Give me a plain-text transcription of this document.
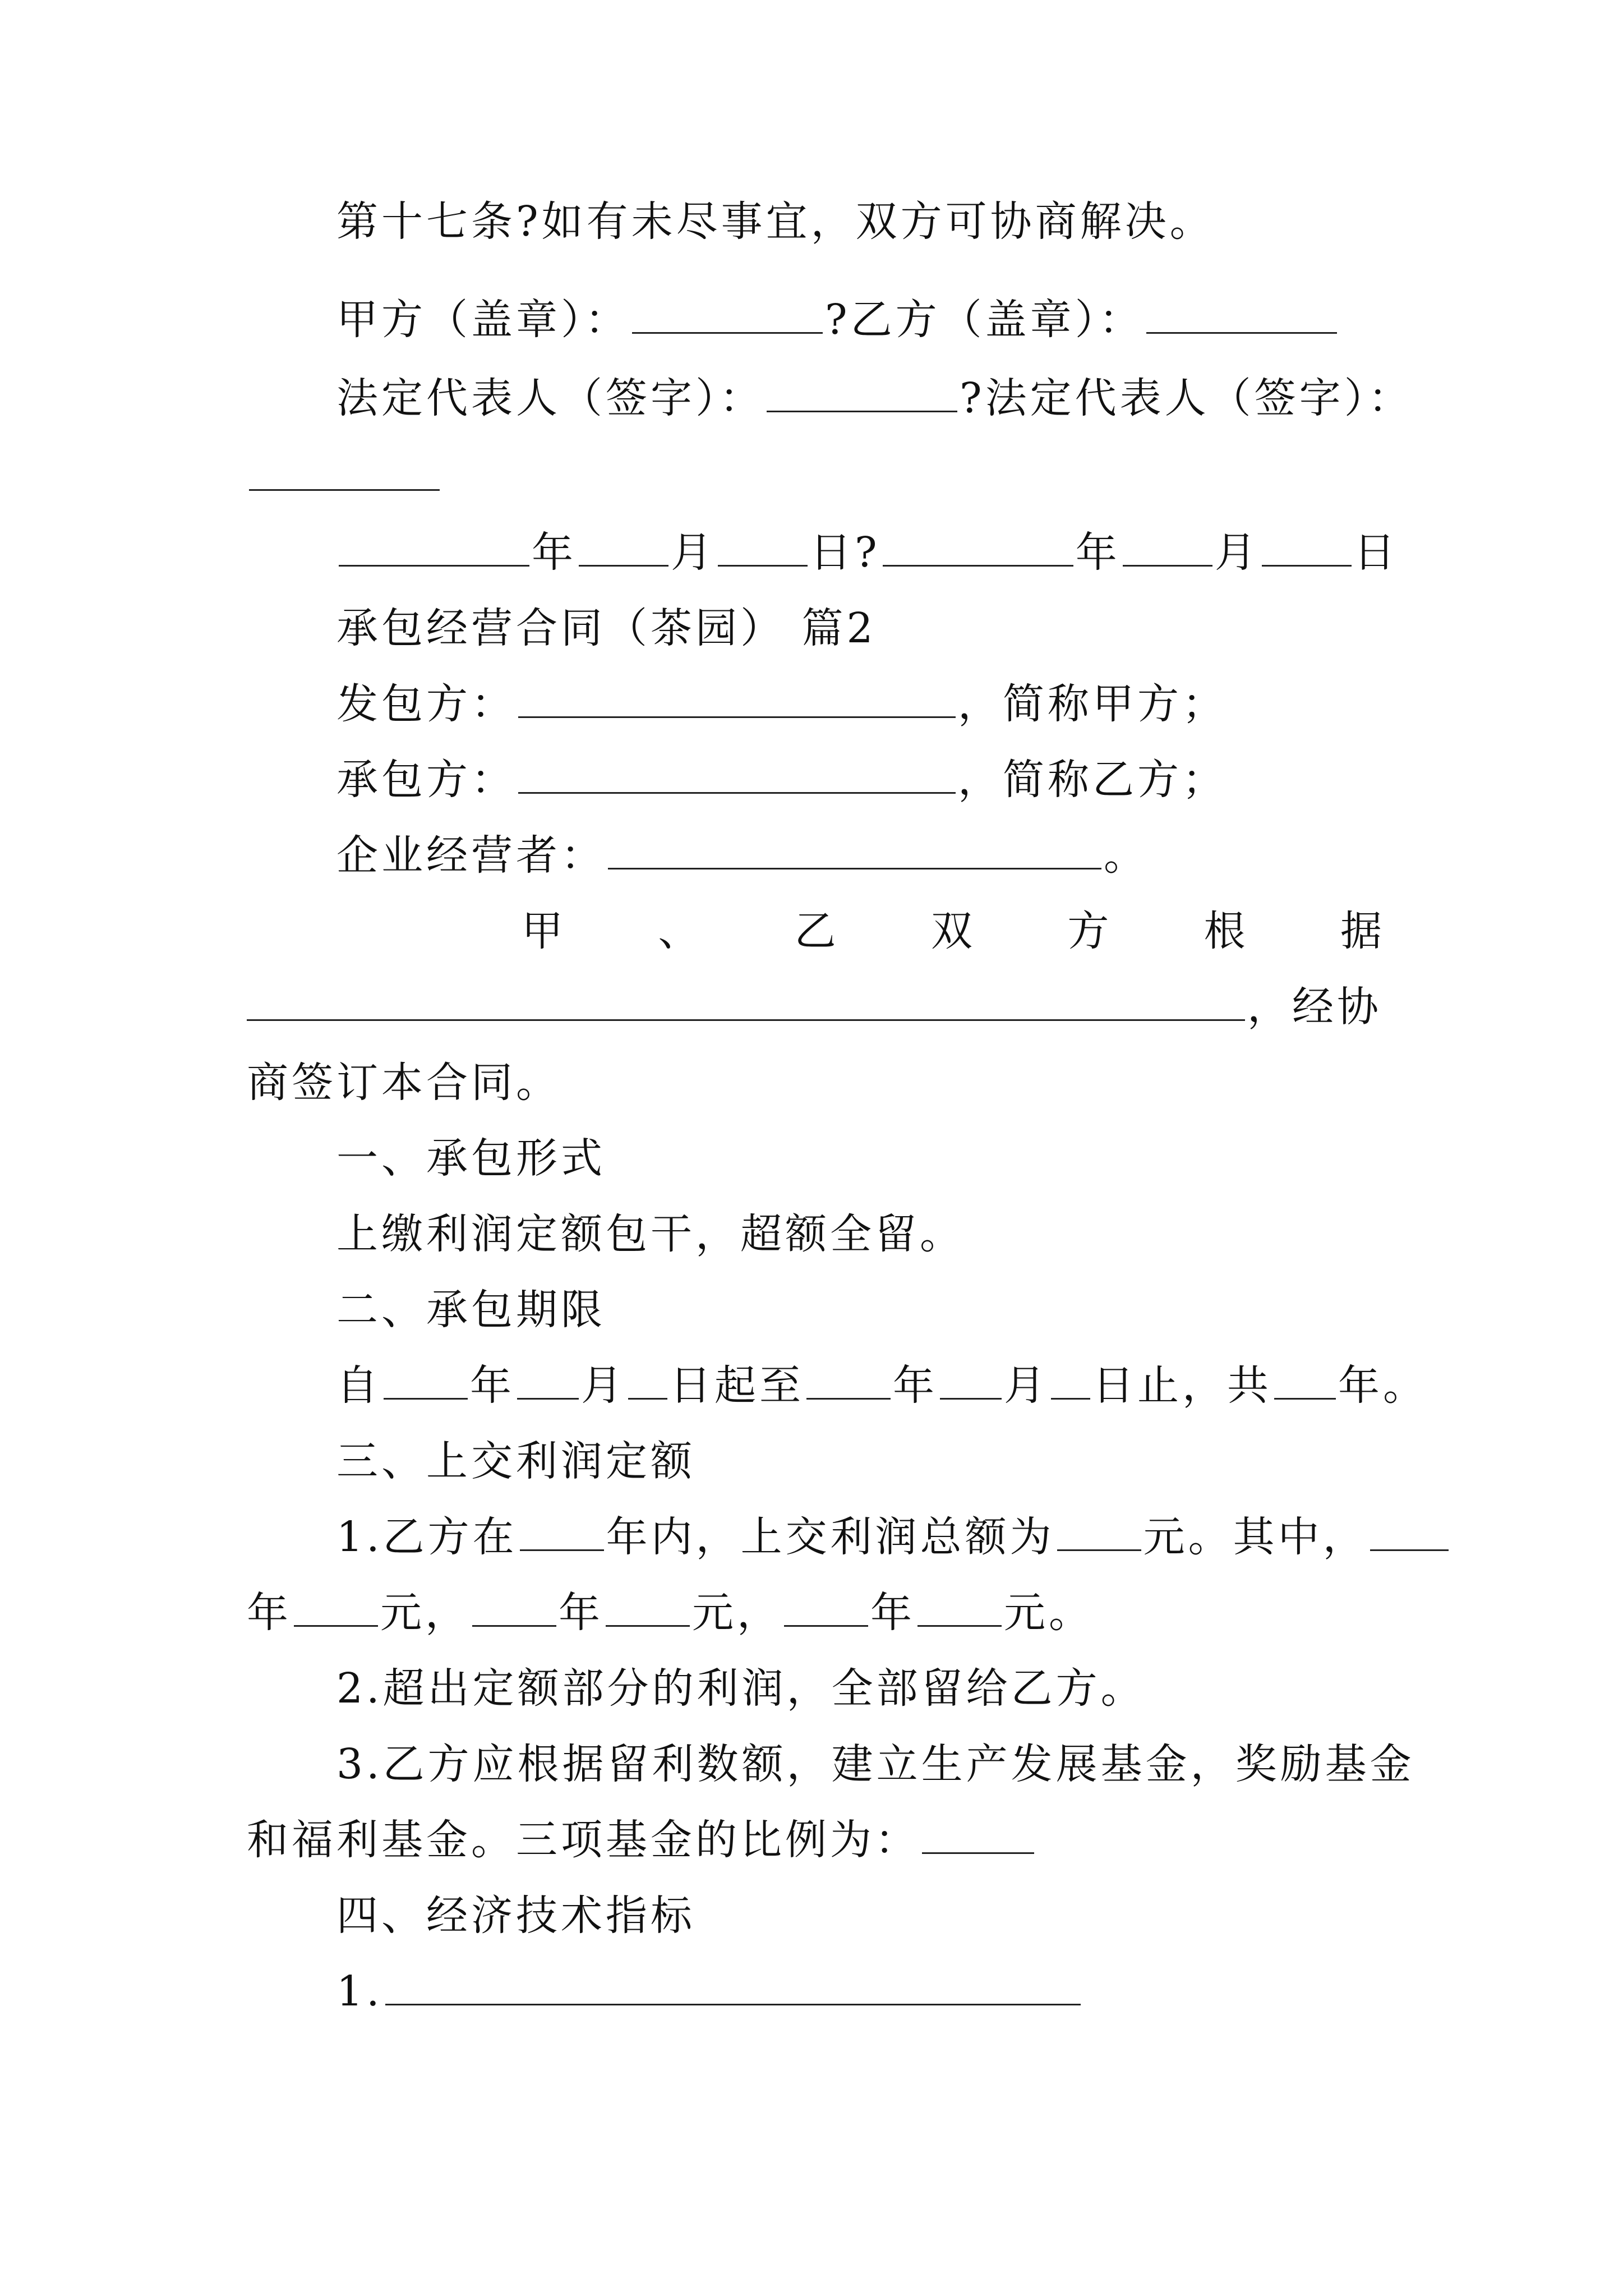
第十七条?如有未尽事宜，双方可协商解决。
甲方（盖章）：	?乙方（盖章）：
法定代表人（签字）：	?法定代表人（签字）：
年 月 日?	年 月 日
承包经营合同（茶园） 篇2
发包方：	，简称甲方；
承包方：	，简称乙方；
企业经营者：	。
甲 、 乙 双 方 根 据
，经协
商签订本合同。
一、承包形式
上缴利润定额包干，超额全留。
二、承包期限
自 年 月 日起至 年 月 日止，共 年。
三、上交利润定额
1.乙方在 年内，上交利润总额为 元。其中，
年 元， 年 元， 年 元。
2.超出定额部分的利润，全部留给乙方。
3.乙方应根据留利数额，建立生产发展基金，奖励基金
和福利基金。三项基金的比例为：
四、经济技术指标
1.
